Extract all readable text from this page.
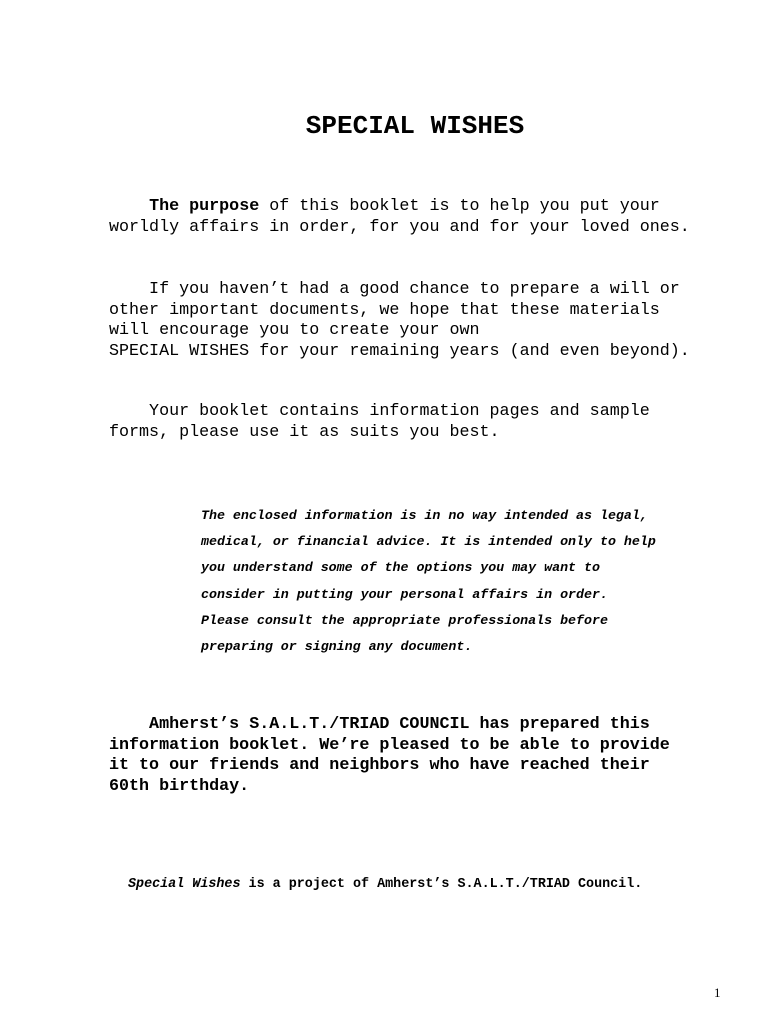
SPECIAL WISHES
The purpose of this booklet is to help you put your
worldly affairs in order, for you and for your loved ones.
If you haven’t had a good chance to prepare a will or
other important documents, we hope that these materials
will encourage you to create your own
SPECIAL WISHES for your remaining years (and even beyond).
Your booklet contains information pages and sample
forms, please use it as suits you best.
The enclosed information is in no way intended as legal,
medical, or financial advice. It is intended only to help
you understand some of the options you may want to
consider in putting your personal affairs in order.
Please consult the appropriate professionals before
preparing or signing any document.
Amherst’s S.A.L.T./TRIAD COUNCIL has prepared this
information booklet. We’re pleased to be able to provide
it to our friends and neighbors who have reached their
60th birthday.
Special Wishes is a project of Amherst’s S.A.L.T./TRIAD Council.
1
